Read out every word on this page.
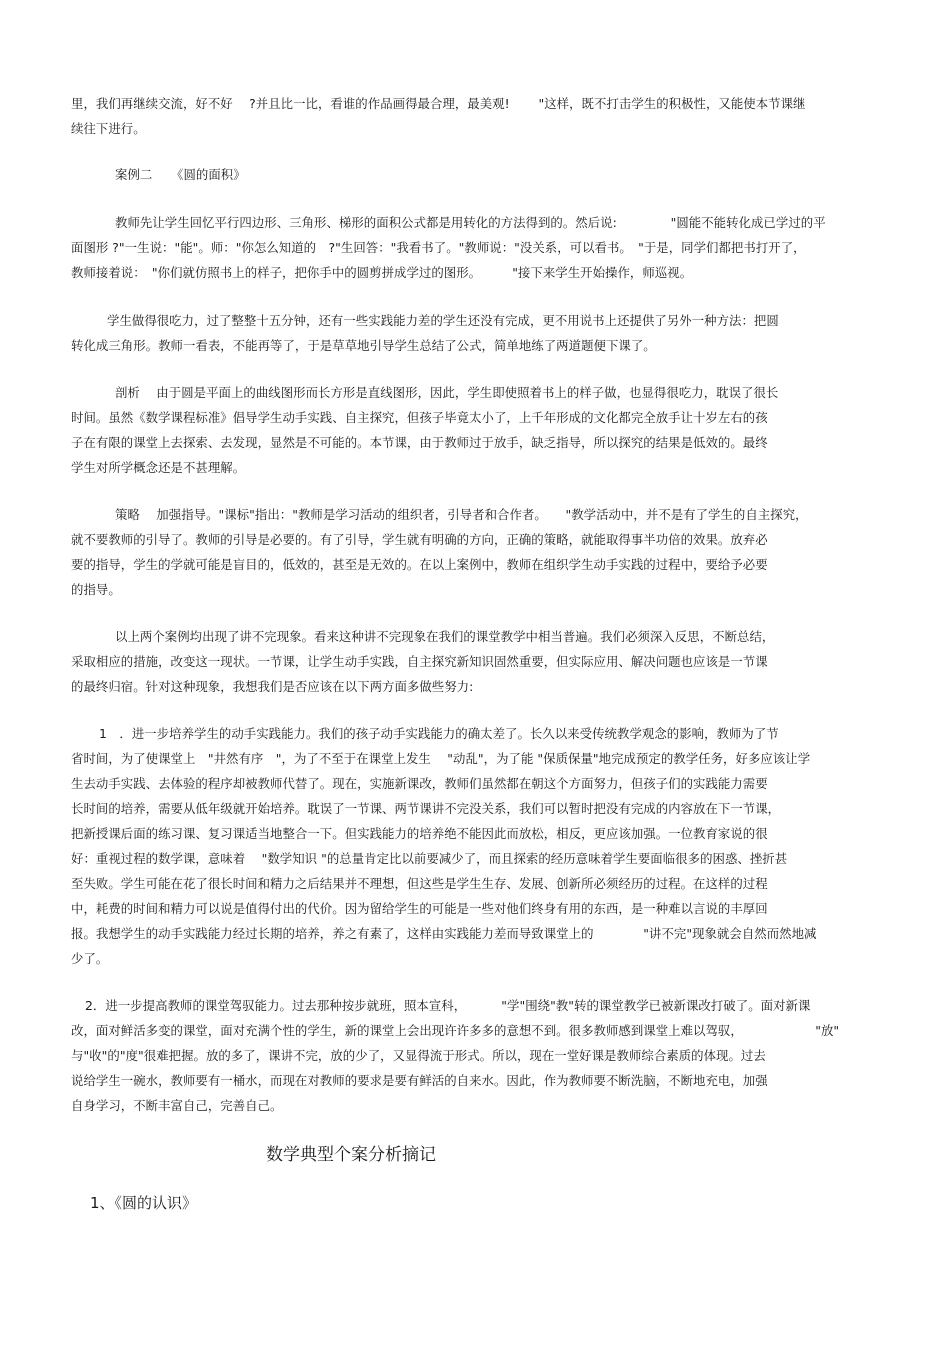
里，我们再继续交流，好不好　 ?并且比一比，看谁的作品画得最合理，最美观!　　 "这样，既不打击学生的积极性，又能使本节课继
续往下进行。
案例二　　《圆的面积》
教师先让学生回忆平行四边形、三角形、梯形的面积公式都是用转化的方法得到的。然后说:　　　　 "圆能不能转化成已学过的平
面图形 ?"一生说："能"。师："你怎么知道的　?"生回答："我看书了。"教师说："没关系，可以看书。　"于是，同学们都把书打开了，
教师接着说：　"你们就仿照书上的样子，把你手中的圆剪拼成学过的图形。　　　"接下来学生开始操作，师巡视。
学生做得很吃力，过了整整十五分钟，还有一些实践能力差的学生还没有完成，更不用说书上还提供了另外一种方法：把圆
转化成三角形。教师一看表，不能再等了，于是草草地引导学生总结了公式，简单地练了两道题便下课了。
剖析　 由于圆是平面上的曲线图形而长方形是直线图形，因此，学生即使照着书上的样子做，也显得很吃力，耽误了很长
时间。虽然《数学课程标准》倡导学生动手实践、自主探究，但孩子毕竟太小了，上千年形成的文化都完全放手让十岁左右的孩
子在有限的课堂上去探索、去发现，显然是不可能的。本节课，由于教师过于放手，缺乏指导，所以探究的结果是低效的。最终
学生对所学概念还是不甚理解。
策略　 加强指导。"课标"指出："教师是学习活动的组织者，引导者和合作者。　　"教学活动中，并不是有了学生的自主探究，
就不要教师的引导了。教师的引导是必要的。有了引导，学生就有明确的方向，正确的策略，就能取得事半功倍的效果。放弃必
要的指导，学生的学就可能是盲目的，低效的，甚至是无效的。在以上案例中，教师在组织学生动手实践的过程中，要给予必要
的指导。
以上两个案例均出现了讲不完现象。看来这种讲不完现象在我们的课堂教学中相当普遍。我们必须深入反思，不断总结，
采取相应的措施，改变这一现状。一节课，让学生动手实践，自主探究新知识固然重要，但实际应用、解决问题也应该是一节课
的最终归宿。针对这种现象，我想我们是否应该在以下两方面多做些努力:
1　．进一步培养学生的动手实践能力。我们的孩子动手实践能力的确太差了。长久以来受传统教学观念的影响，教师为了节
省时间，为了使课堂上　"井然有序　"，为了不至于在课堂上发生　 "动乱"，为了能 "保质保量"地完成预定的教学任务，好多应该让学
生去动手实践、去体验的程序却被教师代替了。现在，实施新课改，教师们虽然都在朝这个方面努力，但孩子们的实践能力需要
长时间的培养，需要从低年级就开始培养。耽误了一节课、两节课讲不完没关系，我们可以暂时把没有完成的内容放在下一节课，
把新授课后面的练习课、复习课适当地整合一下。但实践能力的培养绝不能因此而放松，相反，更应该加强。一位教育家说的很
好：重视过程的数学课，意味着　 "数学知识 "的总量肯定比以前要减少了，而且探索的经历意味着学生要面临很多的困惑、挫折甚
至失败。学生可能在花了很长时间和精力之后结果并不理想，但这些是学生生存、发展、创新所必须经历的过程。在这样的过程
中，耗费的时间和精力可以说是值得付出的代价。因为留给学生的可能是一些对他们终身有用的东西，是一种难以言说的丰厚回
报。我想学生的动手实践能力经过长期的培养，养之有素了，这样由实践能力差而导致课堂上的　　　　"讲不完"现象就会自然而然地减
少了。
2．进一步提高教师的课堂驾驭能力。过去那种按步就班，照本宣科，　　　 "学"围绕"教"转的课堂教学已被新课改打破了。面对新课
改，面对鲜活多变的课堂，面对充满个性的学生，新的课堂上会出现许许多多的意想不到。很多教师感到课堂上难以驾驭，　　　　　　 "放"
与"收"的"度"很难把握。放的多了，课讲不完，放的少了，又显得流于形式。所以，现在一堂好课是教师综合素质的体现。过去
说给学生一碗水，教师要有一桶水，而现在对教师的要求是要有鲜活的自来水。因此，作为教师要不断洗脑，不断地充电，加强
自身学习，不断丰富自己，完善自己。
数学典型个案分析摘记
1、《圆的认识》
